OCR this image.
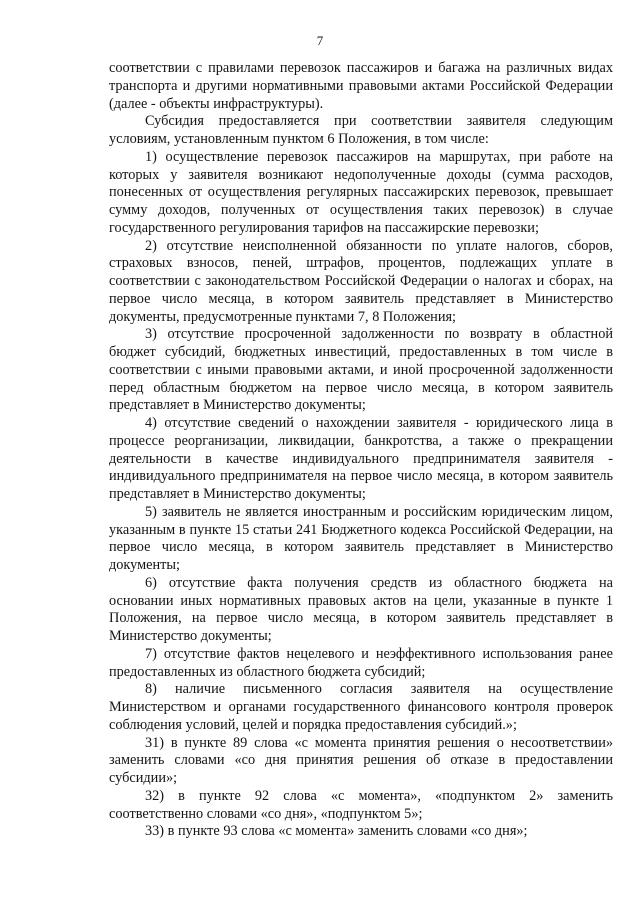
7

соответствии с правилами перевозок пассажиров и багажа на различных видах транспорта и другими нормативными правовыми актами Российской Федерации (далее - объекты инфраструктуры).

Субсидия предоставляется при соответствии заявителя следующим условиям, установленным пунктом 6 Положения, в том числе:

1) осуществление перевозок пассажиров на маршрутах, при работе на которых у заявителя возникают недополученные доходы (сумма расходов, понесенных от осуществления регулярных пассажирских перевозок, превышает сумму доходов, полученных от осуществления таких перевозок) в случае государственного регулирования тарифов на пассажирские перевозки;

2) отсутствие неисполненной обязанности по уплате налогов, сборов, страховых взносов, пеней, штрафов, процентов, подлежащих уплате в соответствии с законодательством Российской Федерации о налогах и сборах, на первое число месяца, в котором заявитель представляет в Министерство документы, предусмотренные пунктами 7, 8 Положения;

3) отсутствие просроченной задолженности по возврату в областной бюджет субсидий, бюджетных инвестиций, предоставленных в том числе в соответствии с иными правовыми актами, и иной просроченной задолженности перед областным бюджетом на первое число месяца, в котором заявитель представляет в Министерство документы;

4) отсутствие сведений о нахождении заявителя - юридического лица в процессе реорганизации, ликвидации, банкротства, а также о прекращении деятельности в качестве индивидуального предпринимателя заявителя - индивидуального предпринимателя на первое число месяца, в котором заявитель представляет в Министерство документы;

5) заявитель не является иностранным и российским юридическим лицом, указанным в пункте 15 статьи 241 Бюджетного кодекса Российской Федерации, на первое число месяца, в котором заявитель представляет в Министерство документы;

6) отсутствие факта получения средств из областного бюджета на основании иных нормативных правовых актов на цели, указанные в пункте 1 Положения, на первое число месяца, в котором заявитель представляет в Министерство документы;

7) отсутствие фактов нецелевого и неэффективного использования ранее предоставленных из областного бюджета субсидий;

8) наличие письменного согласия заявителя на осуществление Министерством и органами государственного финансового контроля проверок соблюдения условий, целей и порядка предоставления субсидий.»;

31) в пункте 89 слова «с момента принятия решения о несоответствии» заменить словами «со дня принятия решения об отказе в предоставлении субсидии»;

32) в пункте 92 слова «с момента», «подпунктом 2» заменить соответственно словами «со дня», «подпунктом 5»;

33) в пункте 93 слова «с момента» заменить словами «со дня»;
